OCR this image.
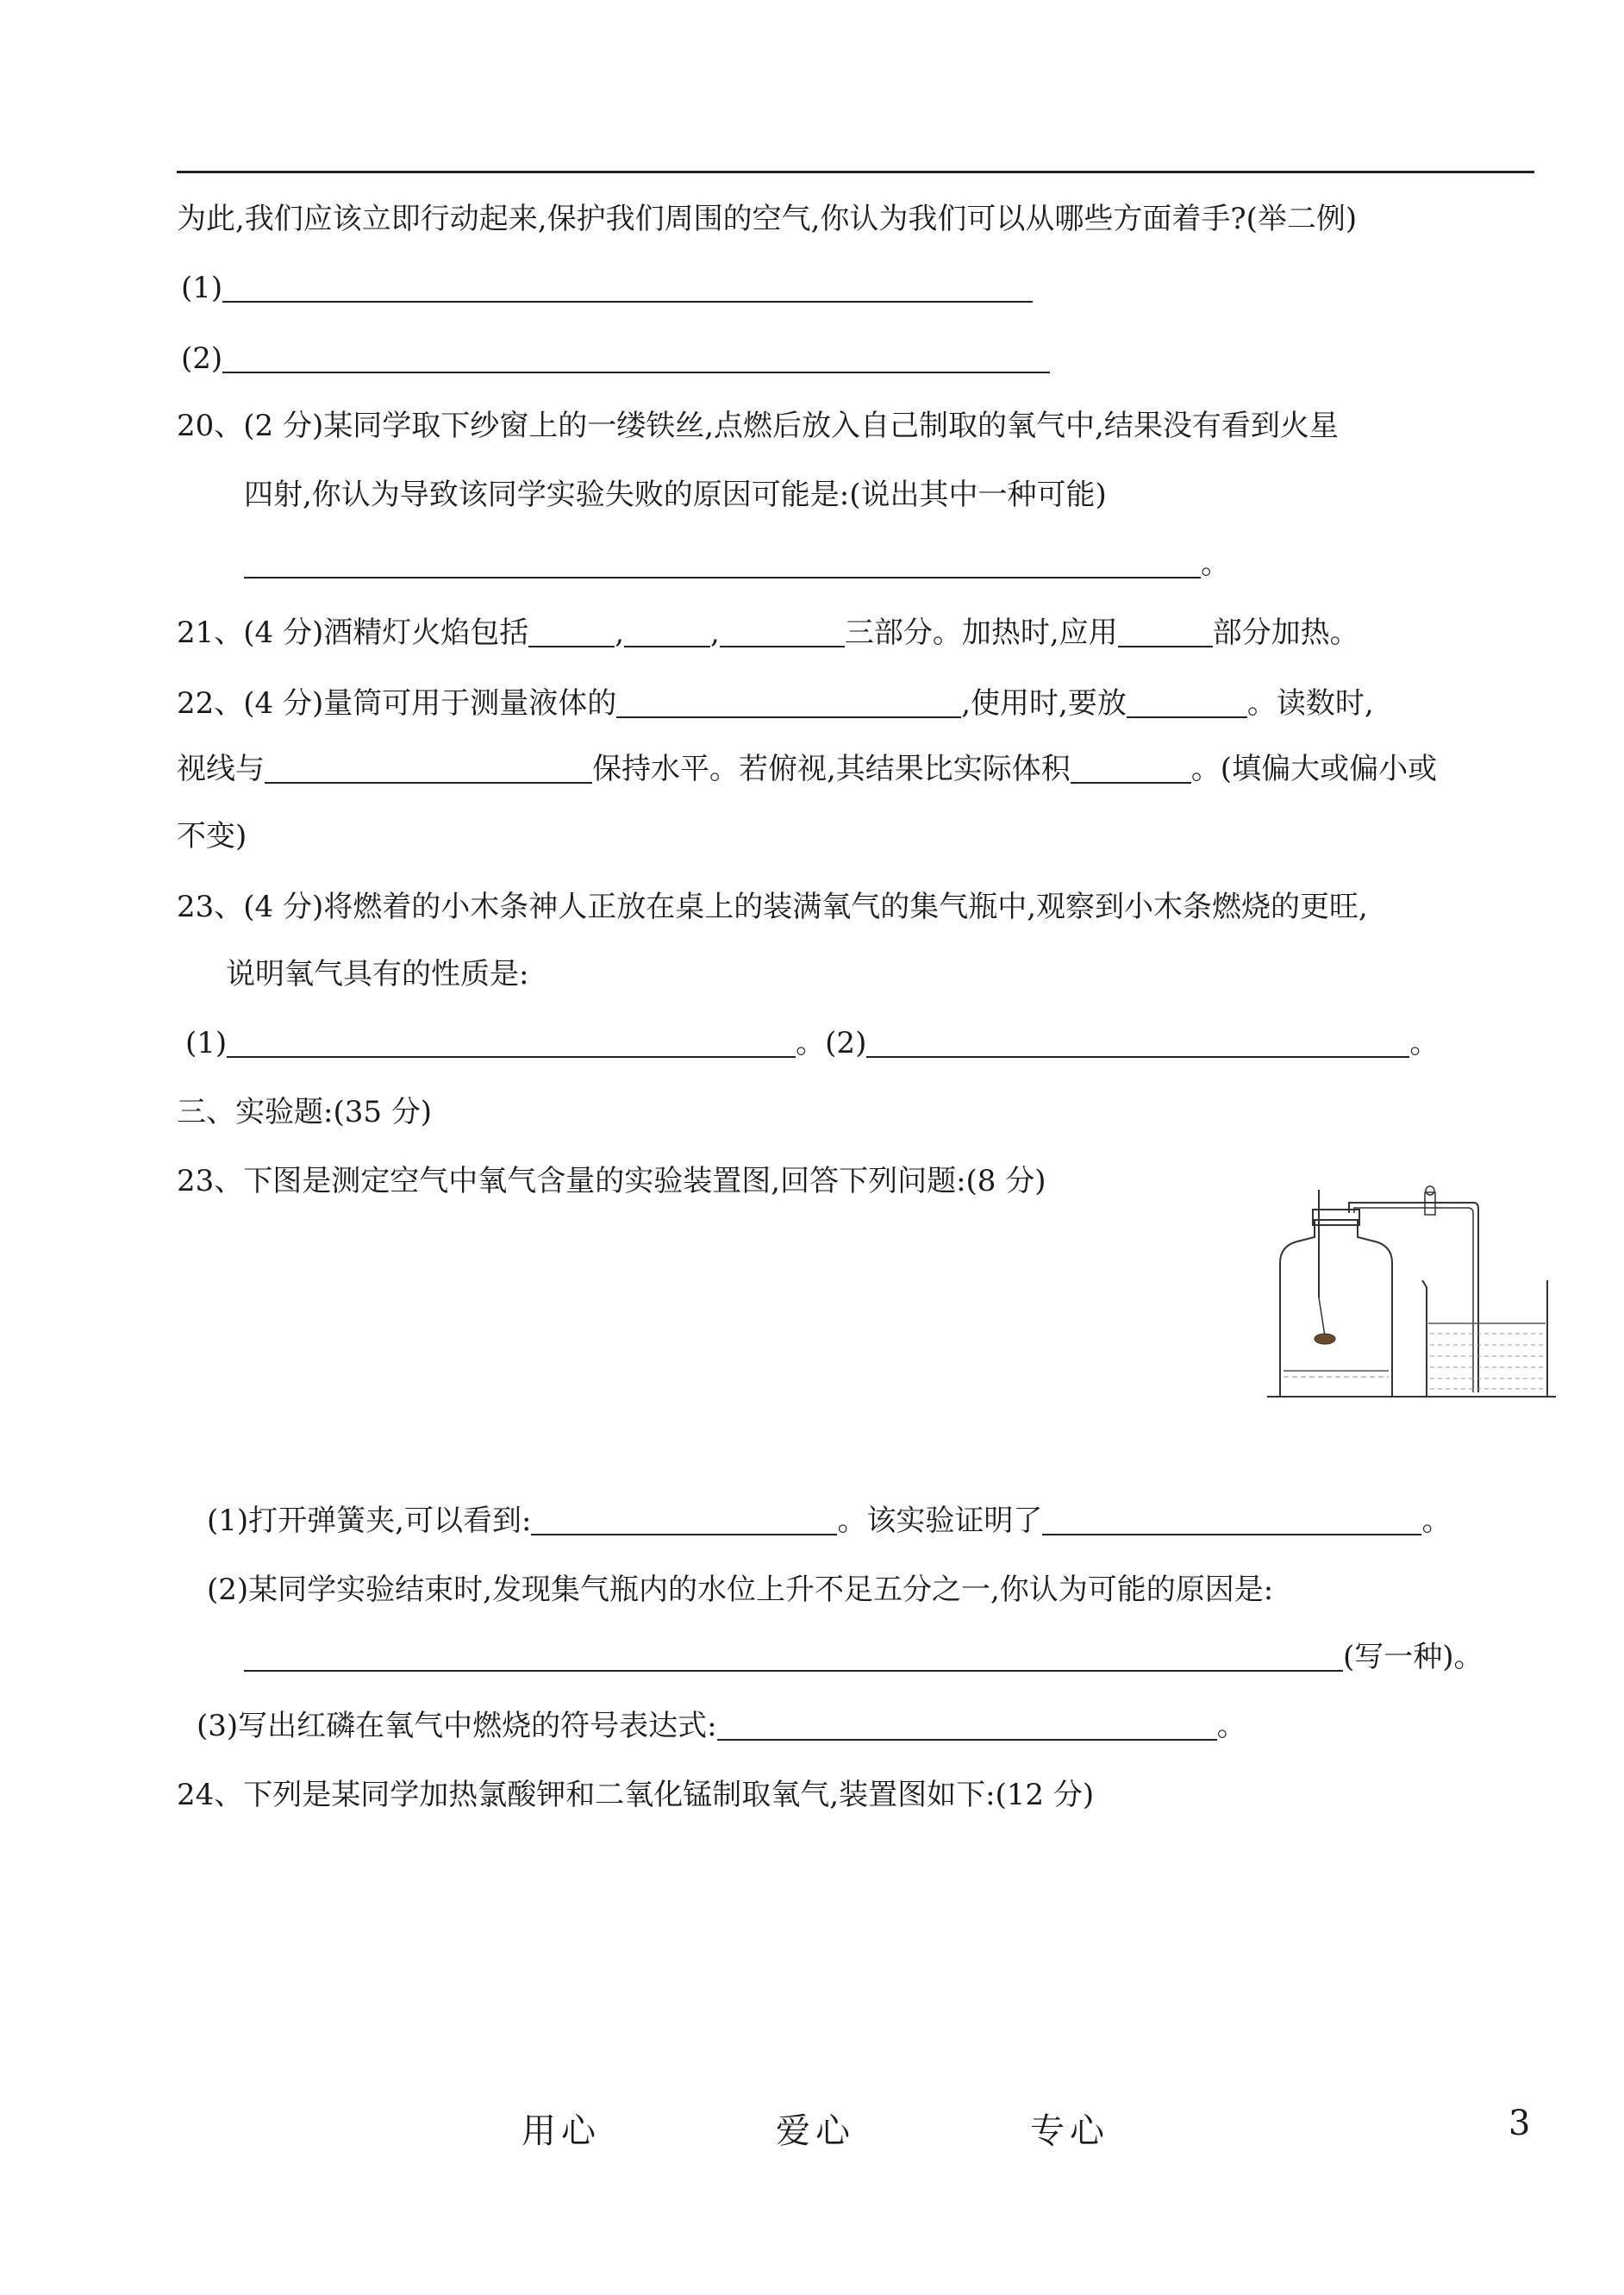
为此,我们应该立即行动起来,保护我们周围的空气,你认为我们可以从哪些方面着手?(举二例)
(1)
(2)
20、(2 分)某同学取下纱窗上的一缕铁丝,点燃后放入自己制取的氧气中,结果没有看到火星
四射,你认为导致该同学实验失败的原因可能是:(说出其中一种可能)
。
21、(4 分)酒精灯火焰包括	,	,	三部分。加热时,应用	部分加热。
22、(4 分)量筒可用于测量液体的	,使用时,要放	。读数时,
视线与	保持水平。若俯视,其结果比实际体积	。(填偏大或偏小或
不变)
23、(4 分)将燃着的小木条神人正放在桌上的装满氧气的集气瓶中,观察到小木条燃烧的更旺,
说明氧气具有的性质是:
(1)	。(2)	。
三、实验题:(35 分)
23、下图是测定空气中氧气含量的实验装置图,回答下列问题:(8 分)
(1)打开弹簧夹,可以看到:	。该实验证明了	。
(2)某同学实验结束时,发现集气瓶内的水位上升不足五分之一,你认为可能的原因是:
(写一种)。
(3)写出红磷在氧气中燃烧的符号表达式:	。
24、下列是某同学加热氯酸钾和二氧化锰制取氧气,装置图如下:(12 分)
用心	爱心	专心	3
